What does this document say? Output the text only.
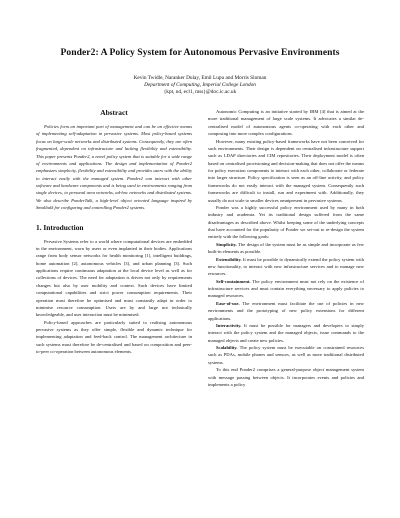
Ponder2: A Policy System for Autonomous Pervasive Environments
Kevin Twidle, Naranker Dulay, Emil Lupu and Morris Sloman
Department of Computing, Imperial College London
{kpt, nd, ecl1, mss}@doc.ic.ac.uk
Abstract

Policies form an important part of management and can be an effective means of implementing self-adaptation in pervasive systems. Most policy-based systems focus on large-scale networks and distributed systems. Consequently, they are often fragmented, dependent on infrastructure and lacking flexibility and extensibility. This paper presents Ponder2, a novel policy system that is suitable for a wide range of environments and applications. The design and implementation of Ponder2 emphasizes simplicity, flexibility and extensibility and provides users with the ability to interact easily with the managed system. Ponder2 can interact with other software and hardware components and is being used in environments ranging from single devices, to personal area networks, ad-hoc networks and distributed systems. We also describe PonderTalk, a high-level object oriented language inspired by Smalltalk for configuring and controlling Ponder2 systems.

1. Introduction

Pervasive Systems refer to a world where computational devices are embedded in the environment, worn by users or even implanted in their bodies. Applications range from body sensor networks for health monitoring [1], intelligent buildings, home automation [2], autonomous vehicles [3], and urban planning [3]. Such applications require continuous adaptation at the local device level as well as for collections of devices. The need for adaptation is driven not only by requirements changes but also by user mobility and context. Such devices have limited computational capabilities and strict power consumption requirements. Their operation must therefore be optimised and must constantly adapt in order to minimise resource consumption. Users are by and large not technically knowledgeable, and user interaction must be minimised.

Policy-based approaches are particularly suited to realising autonomous pervasive systems as they offer simple, flexible and dynamic technique for implementing adaptation and feed-back control. The management architecture in such systems must therefore be de-centralised and based on composition and peer-to-peer co-operation between autonomous elements.

Autonomic Computing is an initiative started by IBM [4] that is aimed at the more traditional management of large scale systems. It advocates a similar de-centralised model of autonomous agents co-operating with each other and composing into more complex configurations.

However, many existing policy-based frameworks have not been conceived for such environments. Their design is dependent on centralised infrastructure support such as LDAP directories and CIM repositories. Their deployment model is often based on centralised provisioning and decision-making that does not offer the means for policy execution components to interact with each other, collaborate or federate into larger structure. Policy specification is seen as an off-line activity, and policy frameworks do not easily interact with the managed system. Consequently such frameworks are difficult to install, run and experiment with. Additionally, they usually do not scale to smaller devices omnipresent in pervasive systems.

Ponder was a highly successful policy environment used by many in both industry and academia. Yet its traditional design suffered from the same disadvantages as described above. Whilst keeping some of the underlying concepts that have accounted for the popularity of Ponder we set-out to re-design the system entirely with the following goals:

Simplicity. The design of the system must be as simple and incorporate as few built-in elements as possible.

Extensibility. It must be possible to dynamically extend the policy system with new functionality, to interact with new infrastructure services and to manage new resources.

Self-containment. The policy environment must not rely on the existence of infrastructure services and must contain everything necessary to apply policies to managed resources.

Ease-of-use. The environment must facilitate the use of policies in new environments and the prototyping of new policy extensions for different applications.

Interactivity. It must be possible for managers and developers to simply interact with the policy system and the managed objects, issue commands to the managed objects and create new policies.

Scalability. The policy system must be executable on constrained resources such as PDAs, mobile phones and sensors, as well as more traditional distributed systems.

To this end Ponder2 comprises a general-purpose object management system with message passing between objects. It incorporates events and policies and implements a policy
